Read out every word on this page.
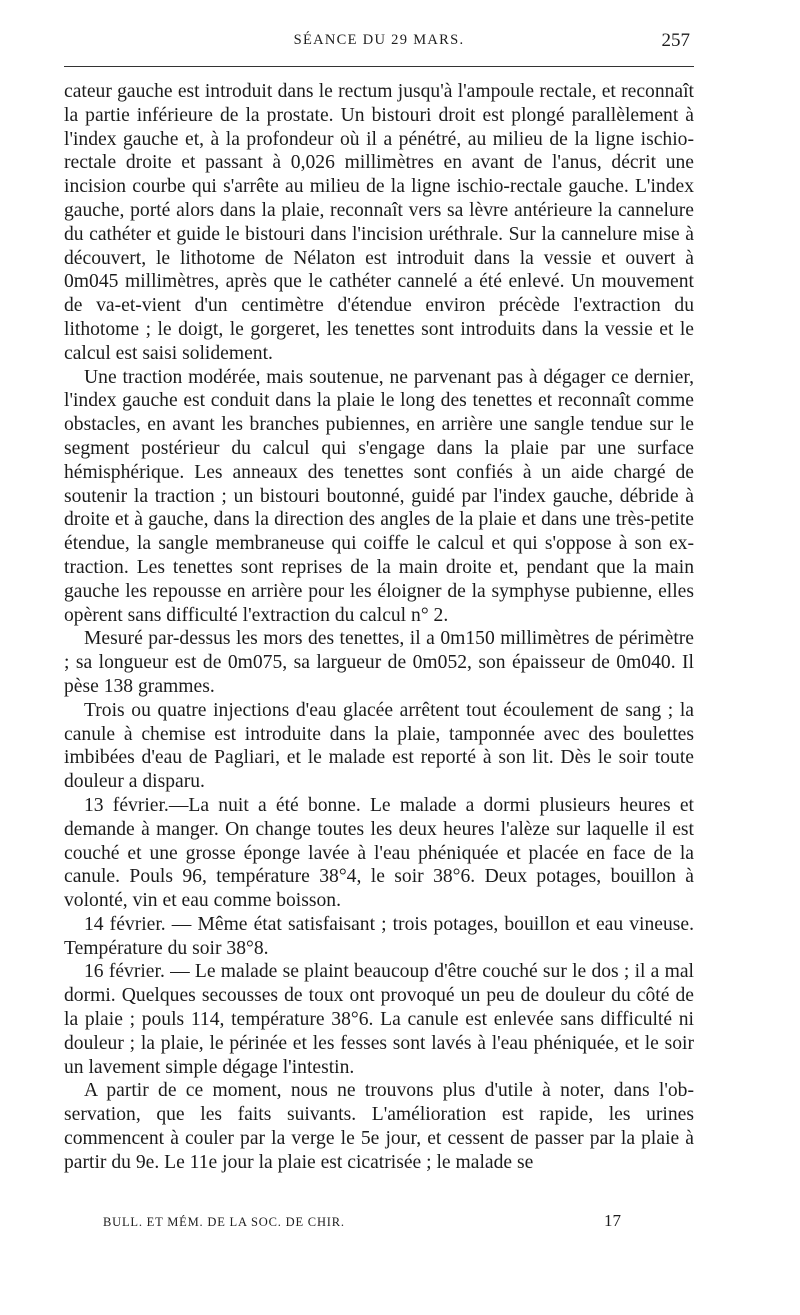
SÉANCE DU 29 MARS.	257

cateur gauche est introduit dans le rectum jusqu'à l'ampoule rectale, et reconnaît la partie inférieure de la prostate. Un bistouri droit est plongé parallèlement à l'index gauche et, à la profondeur où il a pénétré, au milieu de la ligne ischio-rectale droite et passant à 0,026 millimètres en avant de l'anus, décrit une incision courbe qui s'arrête au milieu de la ligne ischio-rectale gauche. L'index gauche, porté alors dans la plaie, reconnaît vers sa lèvre antérieure la cannelure du cathéter et guide le bistouri dans l'incision uréthrale. Sur la cannelure mise à découvert, le lithotome de Nélaton est introduit dans la vessie et ouvert à 0m045 millimètres, après que le cathéter cannelé a été enlevé. Un mouvement de va-et-vient d'un centimètre d'étendue environ précède l'extraction du lithotome ; le doigt, le gorgeret, les tenettes sont introduits dans la vessie et le calcul est saisi solidement.

Une traction modérée, mais soutenue, ne parvenant pas à dégager ce dernier, l'index gauche est conduit dans la plaie le long des tenettes et reconnaît comme obstacles, en avant les branches pubiennes, en arrière une sangle tendue sur le segment postérieur du calcul qui s'engage dans la plaie par une surface hémisphérique. Les anneaux des tenettes sont confiés à un aide chargé de soutenir la traction ; un bistouri boutonné, guidé par l'index gauche, débride à droite et à gauche, dans la direction des angles de la plaie et dans une très-petite étendue, la sangle membraneuse qui coiffe le calcul et qui s'oppose à son extraction. Les tenettes sont reprises de la main droite et, pendant que la main gauche les repousse en arrière pour les éloigner de la symphyse pubienne, elles opèrent sans difficulté l'extraction du calcul n° 2.

Mesuré par-dessus les mors des tenettes, il a 0m150 millimètres de périmètre ; sa longueur est de 0m075, sa largueur de 0m052, son épaisseur de 0m040. Il pèse 138 grammes.

Trois ou quatre injections d'eau glacée arrêtent tout écoulement de sang ; la canule à chemise est introduite dans la plaie, tamponnée avec des boulettes imbibées d'eau de Pagliari, et le malade est reporté à son lit. Dès le soir toute douleur a disparu.

13 février.—La nuit a été bonne. Le malade a dormi plusieurs heures et demande à manger. On change toutes les deux heures l'alèze sur laquelle il est couché et une grosse éponge lavée à l'eau phéniquée et placée en face de la canule. Pouls 96, température 38°4, le soir 38°6. Deux potages, bouillon à volonté, vin et eau comme boisson.

14 février. — Même état satisfaisant ; trois potages, bouillon et eau vineuse. Température du soir 38°8.

16 février. — Le malade se plaint beaucoup d'être couché sur le dos ; il a mal dormi. Quelques secousses de toux ont provoqué un peu de douleur du côté de la plaie ; pouls 114, température 38°6. La canule est enlevée sans difficulté ni douleur ; la plaie, le périnée et les fesses sont lavés à l'eau phéniquée, et le soir un lavement simple dégage l'intestin.

A partir de ce moment, nous ne trouvons plus d'utile à noter, dans l'observation, que les faits suivants. L'amélioration est rapide, les urines commencent à couler par la verge le 5e jour, et cessent de passer par la plaie à partir du 9e. Le 11e jour la plaie est cicatrisée ; le malade se

BULL. ET MÉM. DE LA SOC. DE CHIR.	17
